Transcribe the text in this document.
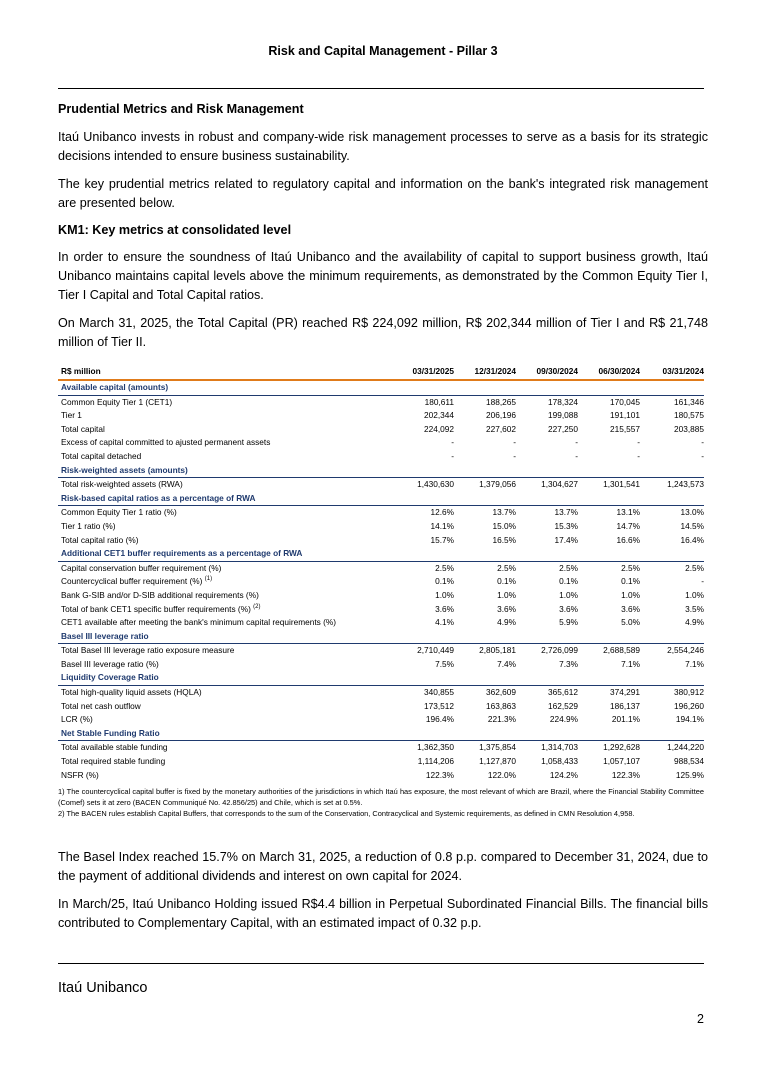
Risk and Capital Management - Pillar 3

Prudential Metrics and Risk Management

Itaú Unibanco invests in robust and company-wide risk management processes to serve as a basis for its strategic decisions intended to ensure business sustainability.

The key prudential metrics related to regulatory capital and information on the bank's integrated risk management are presented below.

KM1: Key metrics at consolidated level

In order to ensure the soundness of Itaú Unibanco and the availability of capital to support business growth, Itaú Unibanco maintains capital levels above the minimum requirements, as demonstrated by the Common Equity Tier I, Tier I Capital and Total Capital ratios.

On March 31, 2025, the Total Capital (PR) reached R$ 224,092 million, R$ 202,344 million of Tier I and R$ 21,748 million of Tier II.

R$ million	03/31/2025	12/31/2024	09/30/2024	06/30/2024	03/31/2024
Available capital (amounts)					
Common Equity Tier 1 (CET1)	180,611	188,265	178,324	170,045	161,346
Tier 1	202,344	206,196	199,088	191,101	180,575
Total capital	224,092	227,602	227,250	215,557	203,885
Excess of capital committed to ajusted permanent assets	-	-	-	-	-
Total capital detached	-	-	-	-	-
Risk-weighted assets (amounts)					
Total risk-weighted assets (RWA)	1,430,630	1,379,056	1,304,627	1,301,541	1,243,573
Risk-based capital ratios as a percentage of RWA					
Common Equity Tier 1 ratio (%)	12.6%	13.7%	13.7%	13.1%	13.0%
Tier 1 ratio (%)	14.1%	15.0%	15.3%	14.7%	14.5%
Total capital ratio (%)	15.7%	16.5%	17.4%	16.6%	16.4%
Additional CET1 buffer requirements as a percentage of RWA					
Capital conservation buffer requirement (%)	2.5%	2.5%	2.5%	2.5%	2.5%
Countercyclical buffer requirement (%) $^{(1)}$	0.1%	0.1%	0.1%	0.1%	-
Bank G-SIB and/or D-SIB additional requirements (%)	1.0%	1.0%	1.0%	1.0%	1.0%
Total of bank CET1 specific buffer requirements (%) $^{(2)}$	3.6%	3.6%	3.6%	3.6%	3.5%
CET1 available after meeting the bank's minimum capital requirements (%)	4.1%	4.9%	5.9%	5.0%	4.9%
Basel III leverage ratio					
Total Basel III leverage ratio exposure measure	2,710,449	2,805,181	2,726,099	2,688,589	2,554,246
Basel III leverage ratio (%)	7.5%	7.4%	7.3%	7.1%	7.1%
Liquidity Coverage Ratio					
Total high-quality liquid assets (HQLA)	340,855	362,609	365,612	374,291	380,912
Total net cash outflow	173,512	163,863	162,529	186,137	196,260
LCR (%)	196.4%	221.3%	224.9%	201.1%	194.1%
Net Stable Funding Ratio					
Total available stable funding	1,362,350	1,375,854	1,314,703	1,292,628	1,244,220
Total required stable funding	1,114,206	1,127,870	1,058,433	1,057,107	988,534
NSFR (%)	122.3%	122.0%	124.2%	122.3%	125.9%

1) The countercyclical capital buffer is fixed by the monetary authorities of the jurisdictions in which Itaú has exposure, the most relevant of which are Brazil, where the Financial Stability Committee (Comef) sets it at zero (BACEN Communiqué No. 42.856/25) and Chile, which is set at 0.5%.

2) The BACEN rules establish Capital Buffers, that corresponds to the sum of the Conservation, Contracyclical and Systemic requirements, as defined in CMN Resolution 4,958.

The Basel Index reached 15.7% on March 31, 2025, a reduction of 0.8 p.p. compared to December 31, 2024, due to the payment of additional dividends and interest on own capital for 2024.

In March/25, Itaú Unibanco Holding issued R$4.4 billion in Perpetual Subordinated Financial Bills. The financial bills contributed to Complementary Capital, with an estimated impact of 0.32 p.p.

Itaú Unibanco
2
